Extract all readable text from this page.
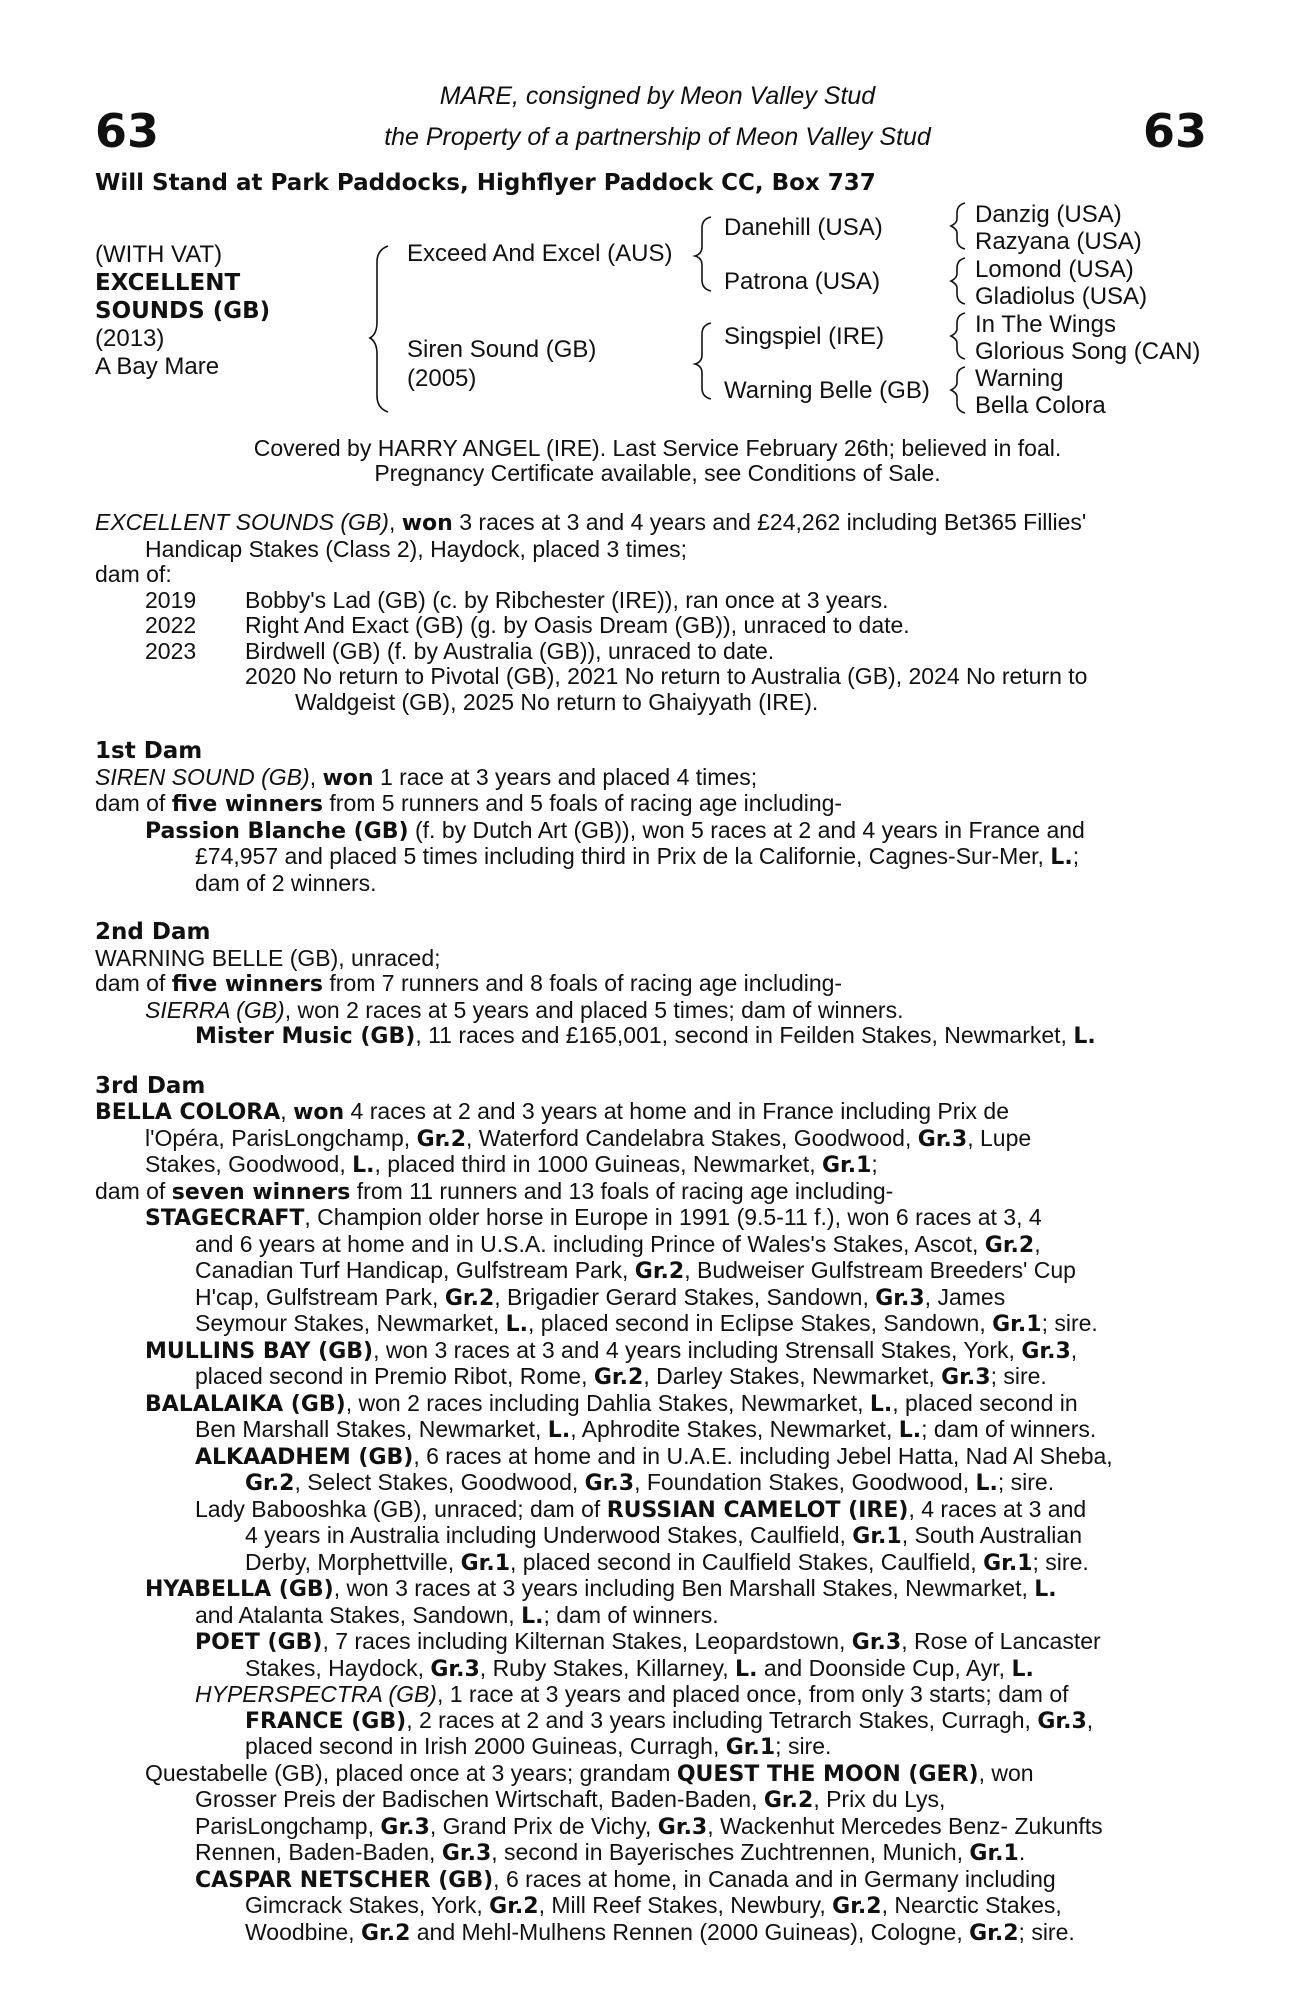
63	63
MARE, consigned by Meon Valley Stud
the Property of a partnership of Meon Valley Stud
Will Stand at Park Paddocks, Highflyer Paddock CC, Box 737
(WITH VAT)
EXCELLENT
SOUNDS (GB)
(2013)
A Bay Mare
Exceed And Excel (AUS)
Siren Sound (GB)
(2005)
Danehill (USA)
Patrona (USA)
Singspiel (IRE)
Warning Belle (GB)
Danzig (USA)
Razyana (USA)
Lomond (USA)
Gladiolus (USA)
In The Wings
Glorious Song (CAN)
Warning
Bella Colora
Covered by HARRY ANGEL (IRE). Last Service February 26th; believed in foal.
Pregnancy Certificate available, see Conditions of Sale.

EXCELLENT SOUNDS (GB), won 3 races at 3 and 4 years and £24,262 including Bet365 Fillies'

Handicap Stakes (Class 2), Haydock, placed 3 times;

dam of:

2019 Bobby's Lad (GB) (c. by Ribchester (IRE)), ran once at 3 years.

2022 Right And Exact (GB) (g. by Oasis Dream (GB)), unraced to date.

2023 Birdwell (GB) (f. by Australia (GB)), unraced to date.

2020 No return to Pivotal (GB), 2021 No return to Australia (GB), 2024 No return to

Waldgeist (GB), 2025 No return to Ghaiyyath (IRE).

1st Dam

SIREN SOUND (GB), won 1 race at 3 years and placed 4 times;

dam of five winners from 5 runners and 5 foals of racing age including-

Passion Blanche (GB) (f. by Dutch Art (GB)), won 5 races at 2 and 4 years in France and

£74,957 and placed 5 times including third in Prix de la Californie, Cagnes-Sur-Mer, L.;

dam of 2 winners.

2nd Dam

WARNING BELLE (GB), unraced;

dam of five winners from 7 runners and 8 foals of racing age including-

SIERRA (GB), won 2 races at 5 years and placed 5 times; dam of winners.

Mister Music (GB), 11 races and £165,001, second in Feilden Stakes, Newmarket, L.

3rd Dam

BELLA COLORA, won 4 races at 2 and 3 years at home and in France including Prix de

l'Opéra, ParisLongchamp, Gr.2, Waterford Candelabra Stakes, Goodwood, Gr.3, Lupe

Stakes, Goodwood, L., placed third in 1000 Guineas, Newmarket, Gr.1;

dam of seven winners from 11 runners and 13 foals of racing age including-

STAGECRAFT, Champion older horse in Europe in 1991 (9.5-11 f.), won 6 races at 3, 4

and 6 years at home and in U.S.A. including Prince of Wales's Stakes, Ascot, Gr.2,

Canadian Turf Handicap, Gulfstream Park, Gr.2, Budweiser Gulfstream Breeders' Cup

H'cap, Gulfstream Park, Gr.2, Brigadier Gerard Stakes, Sandown, Gr.3, James

Seymour Stakes, Newmarket, L., placed second in Eclipse Stakes, Sandown, Gr.1; sire.

MULLINS BAY (GB), won 3 races at 3 and 4 years including Strensall Stakes, York, Gr.3,

placed second in Premio Ribot, Rome, Gr.2, Darley Stakes, Newmarket, Gr.3; sire.

BALALAIKA (GB), won 2 races including Dahlia Stakes, Newmarket, L., placed second in

Ben Marshall Stakes, Newmarket, L., Aphrodite Stakes, Newmarket, L.; dam of winners.

ALKAADHEM (GB), 6 races at home and in U.A.E. including Jebel Hatta, Nad Al Sheba,

Gr.2, Select Stakes, Goodwood, Gr.3, Foundation Stakes, Goodwood, L.; sire.

Lady Babooshka (GB), unraced; dam of RUSSIAN CAMELOT (IRE), 4 races at 3 and

4 years in Australia including Underwood Stakes, Caulfield, Gr.1, South Australian

Derby, Morphettville, Gr.1, placed second in Caulfield Stakes, Caulfield, Gr.1; sire.

HYABELLA (GB), won 3 races at 3 years including Ben Marshall Stakes, Newmarket, L.

and Atalanta Stakes, Sandown, L.; dam of winners.

POET (GB), 7 races including Kilternan Stakes, Leopardstown, Gr.3, Rose of Lancaster

Stakes, Haydock, Gr.3, Ruby Stakes, Killarney, L. and Doonside Cup, Ayr, L.

HYPERSPECTRA (GB), 1 race at 3 years and placed once, from only 3 starts; dam of

FRANCE (GB), 2 races at 2 and 3 years including Tetrarch Stakes, Curragh, Gr.3,

placed second in Irish 2000 Guineas, Curragh, Gr.1; sire.

Questabelle (GB), placed once at 3 years; grandam QUEST THE MOON (GER), won

Grosser Preis der Badischen Wirtschaft, Baden-Baden, Gr.2, Prix du Lys,

ParisLongchamp, Gr.3, Grand Prix de Vichy, Gr.3, Wackenhut Mercedes Benz- Zukunfts

Rennen, Baden-Baden, Gr.3, second in Bayerisches Zuchtrennen, Munich, Gr.1.

CASPAR NETSCHER (GB), 6 races at home, in Canada and in Germany including

Gimcrack Stakes, York, Gr.2, Mill Reef Stakes, Newbury, Gr.2, Nearctic Stakes,

Woodbine, Gr.2 and Mehl-Mulhens Rennen (2000 Guineas), Cologne, Gr.2; sire.
